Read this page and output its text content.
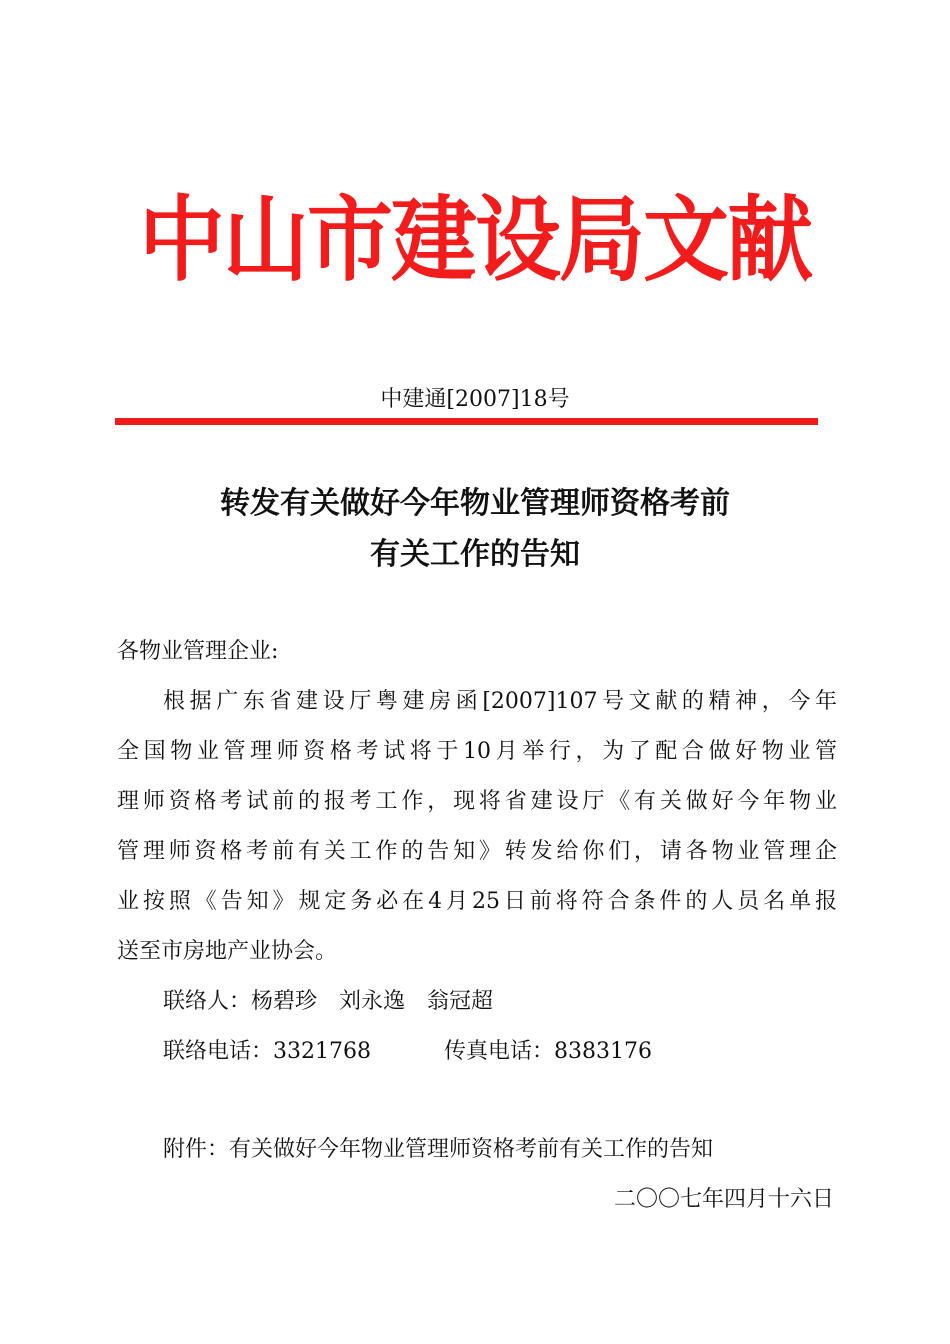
中山市建设局文献
中建通[2007]18号
转发有关做好今年物业管理师资格考前
有关工作的告知
各物业管理企业:
根据广东省建设厅粤建房函[2007]107号文献的精神，今年
全国物业管理师资格考试将于10月举行，为了配合做好物业管
理师资格考试前的报考工作，现将省建设厅《有关做好今年物业
管理师资格考前有关工作的告知》转发给你们，请各物业管理企
业按照《告知》规定务必在4月25日前将符合条件的人员名单报
送至市房地产业协会。
联络人：杨碧珍　刘永逸　翁冠超
联络电话：3321768	传真电话：8383176
附件：有关做好今年物业管理师资格考前有关工作的告知
二〇〇七年四月十六日
